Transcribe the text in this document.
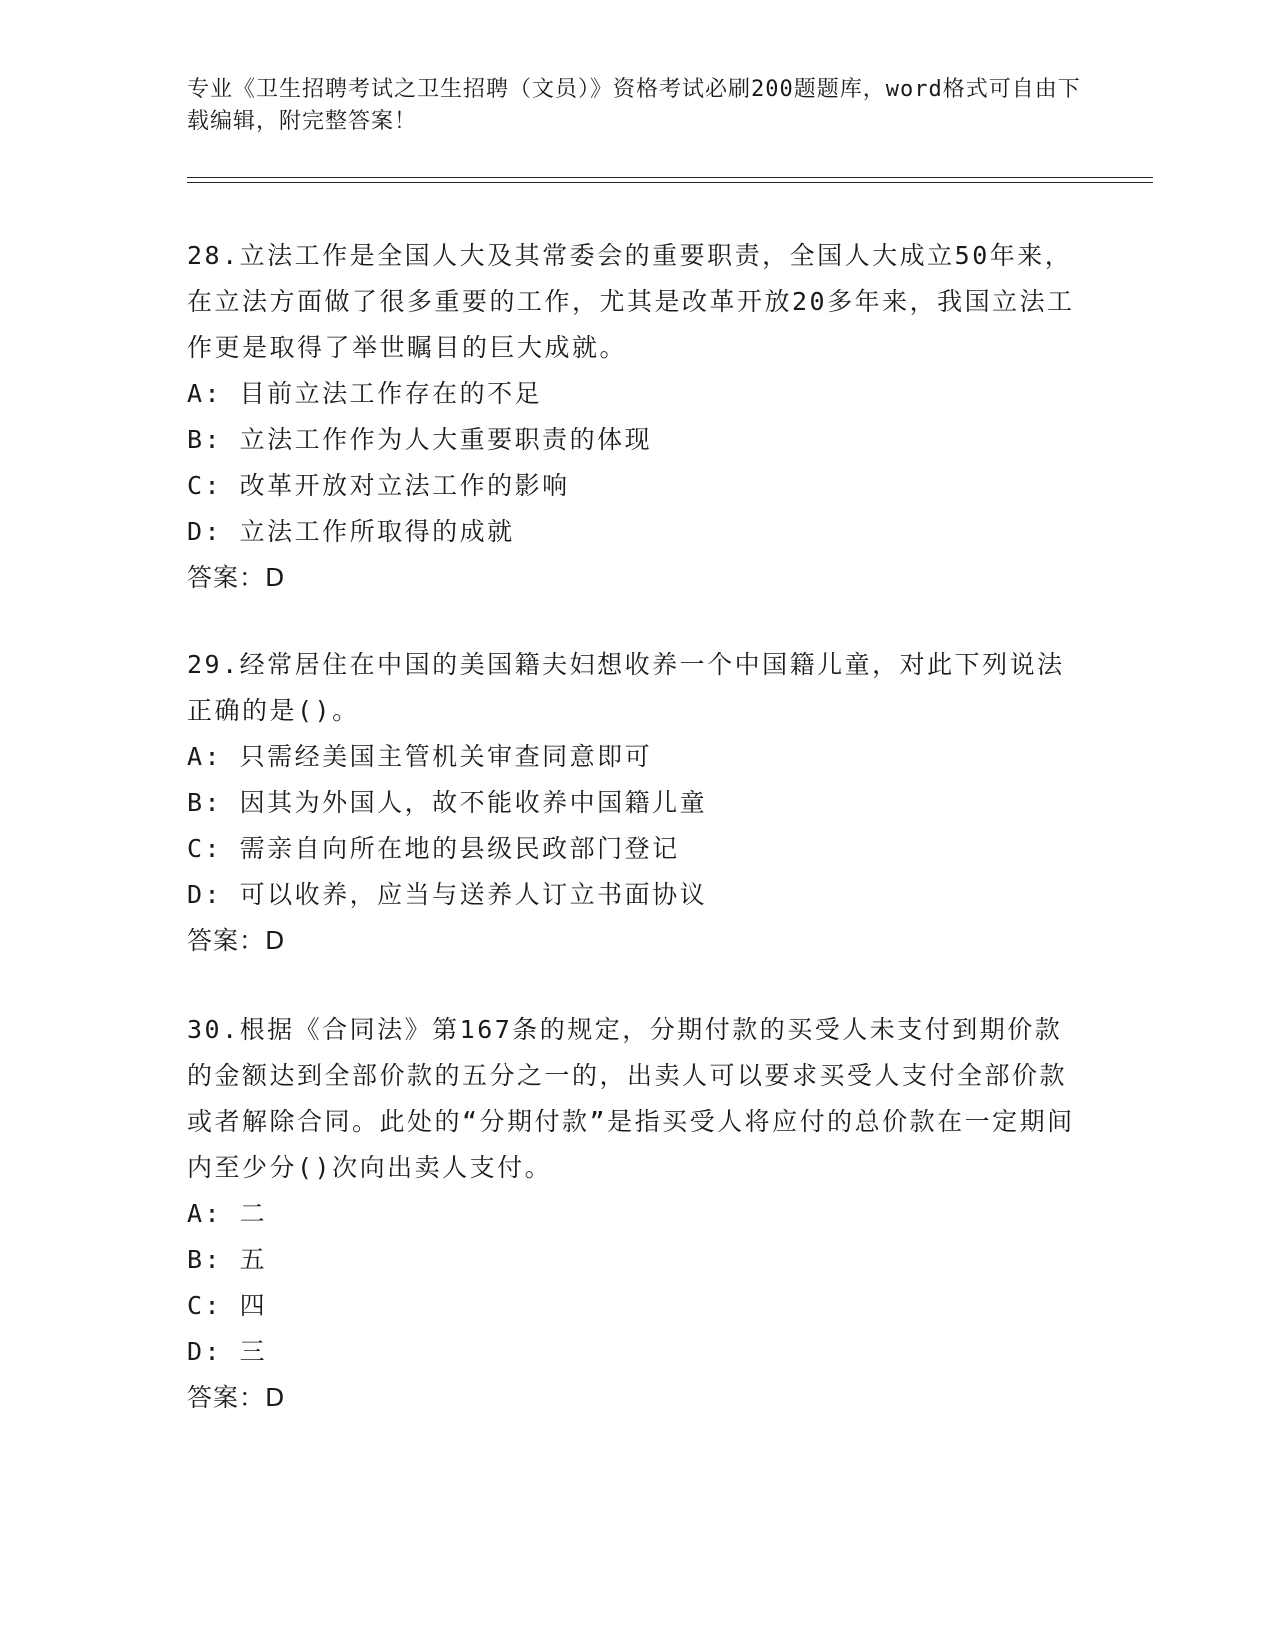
专业《卫生招聘考试之卫生招聘（文员）》资格考试必刷200题题库，word格式可自由下载编辑，附完整答案！

28.立法工作是全国人大及其常委会的重要职责，全国人大成立50年来，在立法方面做了很多重要的工作，尤其是改革开放20多年来，我国立法工作更是取得了举世瞩目的巨大成就。

A: 目前立法工作存在的不足

B: 立法工作作为人大重要职责的体现

C: 改革开放对立法工作的影响

D: 立法工作所取得的成就

答案：D

29.经常居住在中国的美国籍夫妇想收养一个中国籍儿童，对此下列说法正确的是()。

A: 只需经美国主管机关审查同意即可

B: 因其为外国人，故不能收养中国籍儿童

C: 需亲自向所在地的县级民政部门登记

D: 可以收养，应当与送养人订立书面协议

答案：D

30.根据《合同法》第167条的规定，分期付款的买受人未支付到期价款的金额达到全部价款的五分之一的，出卖人可以要求买受人支付全部价款或者解除合同。此处的“分期付款”是指买受人将应付的总价款在一定期间内至少分()次向出卖人支付。

A: 二

B: 五

C: 四

D: 三

答案：D
